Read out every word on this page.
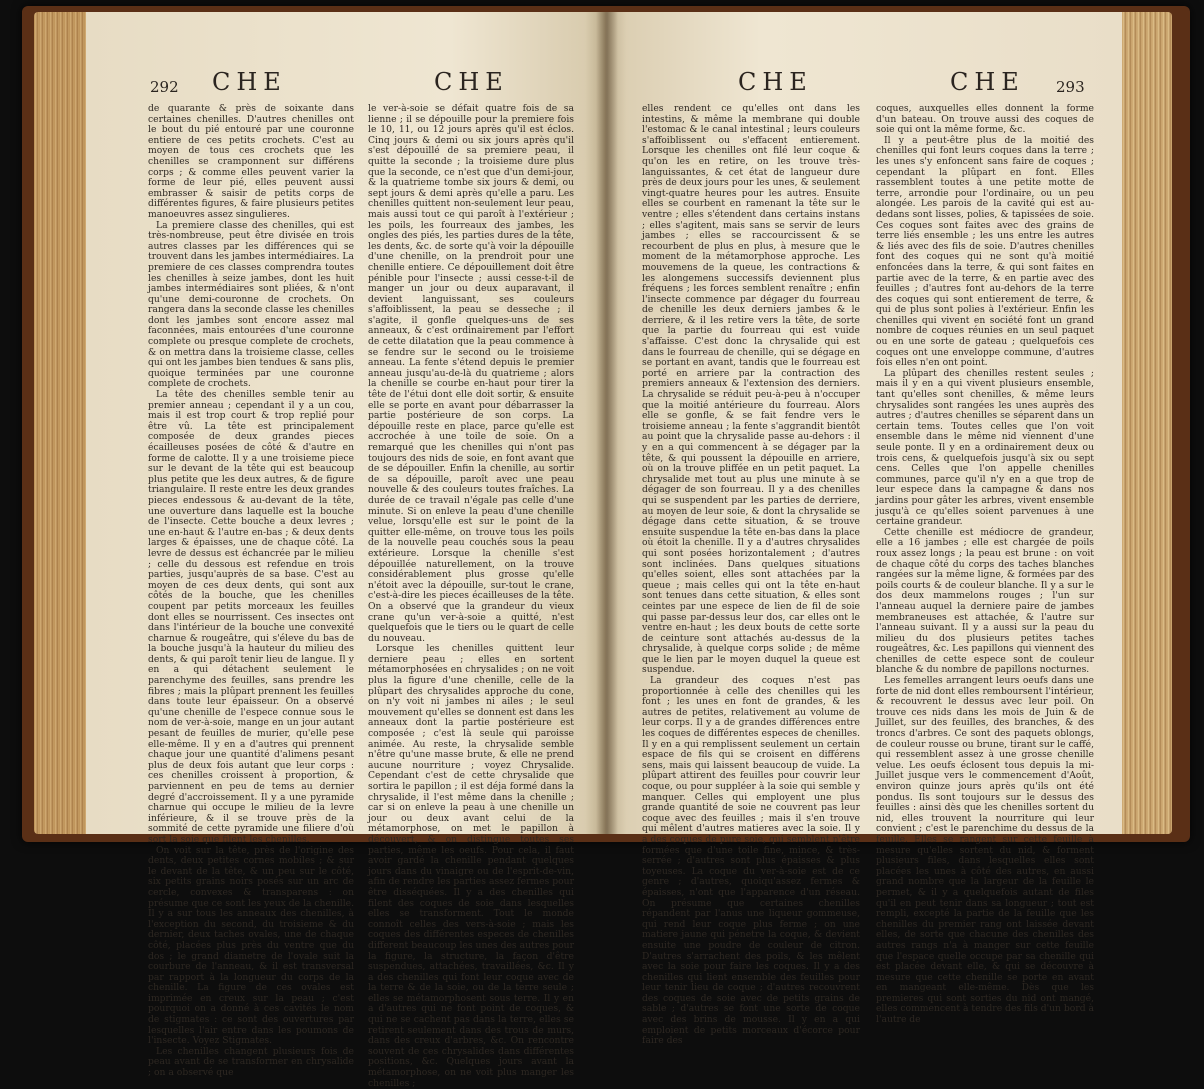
292 CHE	CHE

de quarante & près de soixante dans certaines chenilles. D'autres chenilles ont le bout du pié entouré par une couronne entiere de ces petits crochets. C'est au moyen de tous ces crochets que les chenilles se cramponnent sur différens corps ; & comme elles peuvent varier la forme de leur pié, elles peuvent aussi embrasser & saisir de petits corps de différentes figures, & faire plusieurs petites manoeuvres assez singulieres.

La premiere classe des chenilles, qui est très-nombreuse, peut être divisée en trois autres classes par les différences qui se trouvent dans les jambes intermédiaires. La premiere de ces classes comprendra toutes les chenilles à seize jambes, dont les huit jambes intermédiaires sont pliées, & n'ont qu'une demi-couronne de crochets. On rangera dans la seconde classe les chenilles dont les jambes sont encore assez mal faconnées, mais entourées d'une couronne complete ou presque complete de crochets, & on mettra dans la troisieme classe, celles qui ont les jambes bien tendues & sans plis, quoique terminées par une couronne complete de crochets.

La tête des chenilles semble tenir au premier anneau ; cependant il y a un cou, mais il est trop court & trop replié pour être vû. La tête est principalement composée de deux grandes pieces écailleuses posées de côté & d'autre en forme de calotte. Il y a une troisieme piece sur le devant de la tête qui est beaucoup plus petite que les deux autres, & de figure triangulaire. Il reste entre les deux grandes pieces endessous & au-devant de la tête, une ouverture dans laquelle est la bouche de l'insecte. Cette bouche a deux levres ; une en-haut & l'autre en-bas ; & deux dents larges & épaisses, une de chaque côté. La levre de dessus est échancrée par le milieu ; celle du dessous est refendue en trois parties, jusqu'auprès de sa base. C'est au moyen de ces deux dents, qui sont aux côtés de la bouche, que les chenilles coupent par petits morceaux les feuilles dont elles se nourrissent. Ces insectes ont dans l'intérieur de la bouche une convexité charnue & rougeâtre, qui s'éleve du bas de la bouche jusqu'à la hauteur du milieu des dents, & qui paroît tenir lieu de langue. Il y en a qui détachent seulement le parenchyme des feuilles, sans prendre les fibres ; mais la plûpart prennent les feuilles dans toute leur épaisseur. On a observé qu'une chenille de l'espece connue sous le nom de ver-à-soie, mange en un jour autant pesant de feuilles de murier, qu'elle pese elle-même. Il y en a d'autres qui prennent chaque jour une quantité d'alimens pesant plus de deux fois autant que leur corps : ces chenilles croissent à proportion, & parviennent en peu de tems au dernier degré d'accroissement. Il y a une pyramide charnue qui occupe le milieu de la levre inférieure, & il se trouve près de la sommité de cette pyramide une filiere d'où sort la soie que filent les chenilles.

On voit sur la tête, près de l'origine des dents, deux petites cornes mobiles ; & sur le devant de la tête, & un peu sur le côté, six petits grains noirs posés sur un arc de cercle, convexes & transparens : on présume que ce sont les yeux de la chenille. Il y a sur tous les anneaux des chenilles, à l'exception du second, du troisieme & du dernier, deux taches ovales, une de chaque côté, placées plus près du ventre que du dos ; le grand diametre de l'ovale suit la courbure de l'anneau, & il est transversal par rapport à la longueur du corps de la chenille. La figure de ces ovales est imprimée en creux sur la peau ; c'est pourquoi on a donné à ces cavités le nom de stigmates : ce sont des ouvertures par lesquelles l'air entre dans les poumons de l'insecte. Voyez Stigmates.

Les chenilles changent plusieurs fois de peau avant de se transformer en chrysalide ; on a observé que

le ver-à-soie se défait quatre fois de sa lienne ; il se dépouille pour la premiere fois le 10, 11, ou 12 jours après qu'il est éclos. Cinq jours & demi ou six jours après qu'il s'est dépouillé de sa premiere peau, il quitte la seconde ; la troisieme dure plus que la seconde, ce n'est que d'un demi-jour, & la quatrieme tombe six jours & demi, ou sept jours & demi après qu'elle a paru. Les chenilles quittent non-seulement leur peau, mais aussi tout ce qui paroît à l'extérieur ; les poils, les fourreaux des jambes, les ongles des piés, les parties dures de la tête, les dents, &c. de sorte qu'à voir la dépouille d'une chenille, on la prendroit pour une chenille entiere. Ce dépouillement doit être pénible pour l'insecte ; aussi cesse-t-il de manger un jour ou deux auparavant, il devient languissant, ses couleurs s'affoiblissent, la peau se desseche ; il s'agite, il gonfle quelques-uns de ses anneaux, & c'est ordinairement par l'effort de cette dilatation que la peau commence à se fendre sur le second ou le troisieme anneau. La fente s'étend depuis le premier anneau jusqu'au-de-là du quatrieme ; alors la chenille se courbe en-haut pour tirer la tête de l'étui dont elle doit sortir, & ensuite elle se porte en avant pour débarrasser la partie postérieure de son corps. La dépouille reste en place, parce qu'elle est accrochée à une toile de soie. On a remarqué que les chenilles qui n'ont pas toujours des nids de soie, en font avant que de se dépouiller. Enfin la chenille, au sortir de sa dépouille, paroît avec une peau nouvelle & des couleurs toutes fraîches. La durée de ce travail n'égale pas celle d'une minute. Si on enleve la peau d'une chenille velue, lorsqu'elle est sur le point de la quitter elle-même, on trouve tous les poils de la nouvelle peau couchés sous la peau extérieure. Lorsque la chenille s'est dépouillée naturellement, on la trouve considérablement plus grosse qu'elle n'étoit avec la dépouille, sur-tout le crane, c'est-à-dire les pieces écailleuses de la tête. On a observé que la grandeur du vieux crane qu'un ver-à-soie a quitté, n'est quelquefois que le tiers ou le quart de celle du nouveau.

Lorsque les chenilles quittent leur derniere peau ; elles en sortent métamorphosées en chrysalides ; on ne voit plus la figure d'une chenille, celle de la plûpart des chrysalides approche du cone, on n'y voit ni jambes ni ailes ; le seul mouvement qu'elles se donnent est dans les anneaux dont la partie postérieure est composée ; c'est là seule qui paroisse animée. Au reste, la chrysalide semble n'être qu'une masse brute, & elle ne prend aucune nourriture ; voyez Chrysalide. Cependant c'est de cette chrysalide que sortira le papillon ; il est déja formé dans la chrysalide, il l'est même dans la chenille ; car si on enleve la peau à une chenille un jour ou deux avant celui de la métamorphose, on met le papillon à découvert, & on distingue toutes ses parties, même les oeufs. Pour cela, il faut avoir gardé la chenille pendant quelques jours dans du vinaigre ou de l'esprit-de-vin, afin de rendre les parties assez fermes pour être disséquées. Il y a des chenilles qui filent des coques de soie dans lesquelles elles se transforment. Tout le monde connoît celles des vers-à-soie ; mais les coques des différentes especes de chenilles different beaucoup les unes des autres pour la figure, la structure, la façon d'être suspendues, attachées, travaillées, &c. Il y a des chenilles qui font leur coque avec de la terre & de la soie, ou de la terre seule ; elles se métamorphosent sous terre. Il y en a d'autres qui ne font point de coques, & qui ne se cachent pas dans la terre, elles se retirent seulement dans des trous de murs, dans des creux d'arbres, &c. On rencontre souvent de ces chrysalides dans différentes positions, &c. Quelques jours avant la métamorphose, on ne voit plus manger les chenilles ;

293
CHE	CHE

elles rendent ce qu'elles ont dans les intestins, & même la membrane qui double l'estomac & le canal intestinal ; leurs couleurs s'affoiblissent ou s'effacent entierement. Lorsque les chenilles ont filé leur coque & qu'on les en retire, on les trouve très-languissantes, & cet état de langueur dure près de deux jours pour les unes, & seulement vingt-quatre heures pour les autres. Ensuite elles se courbent en ramenant la tête sur le ventre ; elles s'étendent dans certains instans ; elles s'agitent, mais sans se servir de leurs jambes ; elles se raccourcissent & se recourbent de plus en plus, à mesure que le moment de la métamorphose approche. Les mouvemens de la queue, les contractions & les alongemens successifs deviennent plus fréquens ; les forces semblent renaître ; enfin l'insecte commence par dégager du fourreau de chenille les deux derniers jambes & le derriere, & il les retire vers la tête, de sorte que la partie du fourreau qui est vuide s'affaisse. C'est donc la chrysalide qui est dans le fourreau de chenille, qui se dégage en se portant en avant, tandis que le fourreau est porté en arriere par la contraction des premiers anneaux & l'extension des derniers. La chrysalide se réduit peu-à-peu à n'occuper que la moitié antérieure du fourreau. Alors elle se gonfle, & se fait fendre vers le troisieme anneau ; la fente s'aggrandit bientôt au point que la chrysalide passe au-dehors : il y en a qui commencent à se dégager par la tête, & qui poussent la dépouille en arriere, où on la trouve pliffée en un petit paquet. La chrysalide met tout au plus une minute à se dégager de son fourreau. Il y a des chenilles qui se suspendent par les parties de derriere, au moyen de leur soie, & dont la chrysalide se dégage dans cette situation, & se trouve ensuite suspendue la tête en-bas dans la place où étoit la chenille. Il y a d'autres chrysalides qui sont posées horizontalement ; d'autres sont inclinées. Dans quelques situations qu'elles soient, elles sont attachées par la queue ; mais celles qui ont la tête en-haut sont tenues dans cette situation, & elles sont ceintes par une espece de lien de fil de soie qui passe par-dessus leur dos, car elles ont le ventre en-haut ; les deux bouts de cette sorte de ceinture sont attachés au-dessus de la chrysalide, à quelque corps solide ; de même que le lien par le moyen duquel la queue est suspendue.

La grandeur des coques n'est pas proportionnée à celle des chenilles qui les font ; les unes en font de grandes, & les autres de petites, relativement au volume de leur corps. Il y a de grandes différences entre les coques de différentes especes de chenilles. Il y en a qui remplissent seulement un certain espace de fils qui se croisent en différens sens, mais qui laissent beaucoup de vuide. La plûpart attirent des feuilles pour couvrir leur coque, ou pour suppléer à la soie qui semble y manquer. Celles qui employent une plus grande quantité de soie ne couvrent pas leur coque avec des feuilles ; mais il s'en trouve qui mêlent d'autres matieres avec la soie. Il y a des coques de pure soie, qui semblent n'être formées que d'une toile fine, mince, & très-serrée ; d'autres sont plus épaisses & plus toyeuses. La coque du ver-à-soie est de ce genre ; d'autres, quoiqu'assez fermes & épaisses, n'ont que l'apparence d'un réseau. On présume que certaines chenilles répandent par l'anus une liqueur gommeuse, qui rend leur coque plus ferme ; on une matiere jaune qui pénetre la coque, & devient ensuite une poudre de couleur de citron. D'autres s'arrachent des poils, & les mêlent avec la soie pour faire les coques. Il y a des chenilles qui lient ensemble des feuilles pour leur tenir lieu de coque ; d'autres recouvrent des coques de soie avec de petits grains de sable ; d'autres se font une sorte de coque avec des brins de mousse. Il y en a qui emploient de petits morceaux d'écorce pour faire des

coques, auxquelles elles donnent la forme d'un bateau. On trouve aussi des coques de soie qui ont la même forme, &c.

Il y a peut-être plus de la moitié des chenilles qui font leurs coques dans la terre ; les unes s'y enfoncent sans faire de coques ; cependant la plûpart en font. Elles rassemblent toutes à une petite motte de terre, arrondie pour l'ordinaire, ou un peu alongée. Les parois de la cavité qui est au-dedans sont lisses, polies, & tapissées de soie. Ces coques sont faites avec des grains de terre liés ensemble ; les uns entre les autres & liés avec des fils de soie. D'autres chenilles font des coques qui ne sont qu'à moitié enfoncées dans la terre, & qui sont faites en partie avec de la terre, & en partie avec des feuilles ; d'autres font au-dehors de la terre des coques qui sont entierement de terre, & qui de plus sont polies à l'extérieur. Enfin les chenilles qui vivent en société font un grand nombre de coques réunies en un seul paquet ou en une sorte de gateau ; quelquefois ces coques ont une enveloppe commune, d'autres fois elles n'en ont point.

La plûpart des chenilles restent seules ; mais il y en a qui vivent plusieurs ensemble, tant qu'elles sont chenilles, & même leurs chrysalides sont rangées les unes auprès des autres ; d'autres chenilles se séparent dans un certain tems. Toutes celles que l'on voit ensemble dans le même nid viennent d'une seule ponte. Il y en a ordinairement deux ou trois cens, & quelquefois jusqu'à six ou sept cens. Celles que l'on appelle chenilles communes, parce qu'il n'y en a que trop de leur espece dans la campagne & dans nos jardins pour gâter les arbres, vivent ensemble jusqu'à ce qu'elles soient parvenues à une certaine grandeur.

Cette chenille est médiocre de grandeur, elle a 16 jambes ; elle est chargée de poils roux assez longs ; la peau est brune : on voit de chaque côté du corps des taches blanches rangées sur la même ligne, & formées par des poils courts & de couleur blanche. Il y a sur le dos deux mammelons rouges ; l'un sur l'anneau auquel la derniere paire de jambes membraneuses est attachée, & l'autre sur l'anneau suivant. Il y a aussi sur la peau du milieu du dos plusieurs petites taches rougeâtres, &c. Les papillons qui viennent des chenilles de cette espece sont de couleur blanche & du nombre de papillons nocturnes.

Les femelles arrangent leurs oeufs dans une forte de nid dont elles remboursent l'intérieur, & recouvrent le dessus avec leur poil. On trouve ces nids dans les mois de Juin & de Juillet, sur des feuilles, des branches, & des troncs d'arbres. Ce sont des paquets oblongs, de couleur rousse ou brune, tirant sur le caffé, qui ressemblent assez à une grosse chenille velue. Les oeufs éclosent tous depuis la mi-Juillet jusque vers le commencement d'Août, environ quinze jours après qu'ils ont été pondus. Ils sont toujours sur le dessus des feuilles : ainsi dès que les chenilles sortent du nid, elles trouvent la nourriture qui leur convient ; c'est le parenchime du dessus de la feuille. Elles se rangent sur cette feuille à mesure qu'elles sortent du nid, & forment plusieurs files, dans lesquelles elles sont placées les unes à côté des autres, en aussi grand nombre que la largeur de la feuille le permet, & il y a quelquefois autant de files qu'il en peut tenir dans sa longueur ; tout est rempli, excepté la partie de la feuille que les chenilles du premier rang ont laissée devant elles, de sorte que chacune des chenilles des autres rangs n'a à manger sur cette feuille que l'espace quelle occupe par sa chenille qui est placée devant elle, & qui se découvre à mesure que cette chenille se porte en avant en mangeant elle-même. Dès que les premieres qui sont sorties du nid ont mangé, elles commencent à tendre des fils d'un bord à l'autre de
